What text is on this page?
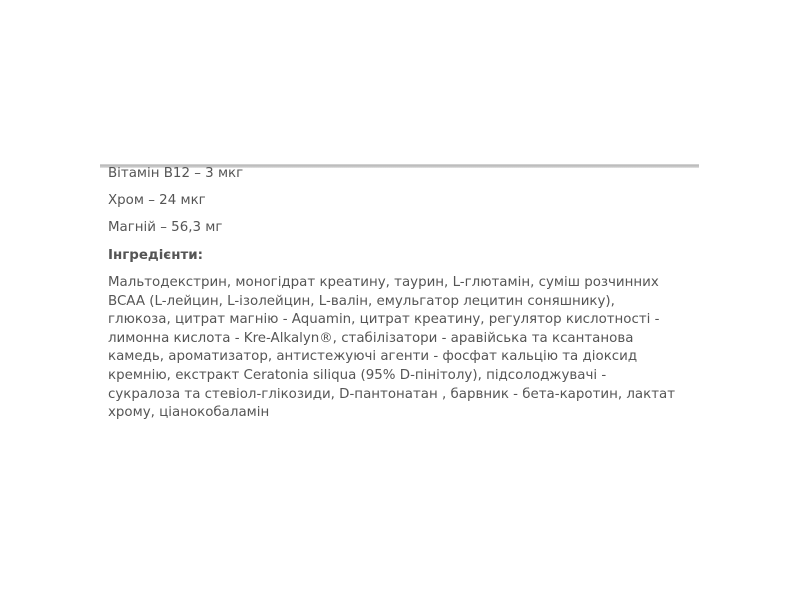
Вітамін В12 – 3 мкг

Хром – 24 мкг

Магній – 56,3 мг

Інгредієнти:

Мальтодекстрин, моногідрат креатину, таурин, L-глютамін, суміш розчинних
BCAA (L-лейцин, L-ізолейцин, L-валін, емульгатор лецитин соняшнику),
глюкоза, цитрат магнію - Aquamin, цитрат креатину, регулятор кислотності -
лимонна кислота - Kre-Alkalyn®, стабілізатори - аравійська та ксантанова
камедь, ароматизатор, антистежуючі агенти - фосфат кальцію та діоксид
кремнію, екстракт Ceratonia siliqua (95% D-пінітолу), підсолоджувачі -
сукралоза та стевіол-глікозиди, D-пантонатан , барвник - бета-каротин, лактат
хрому, ціанокобаламін
